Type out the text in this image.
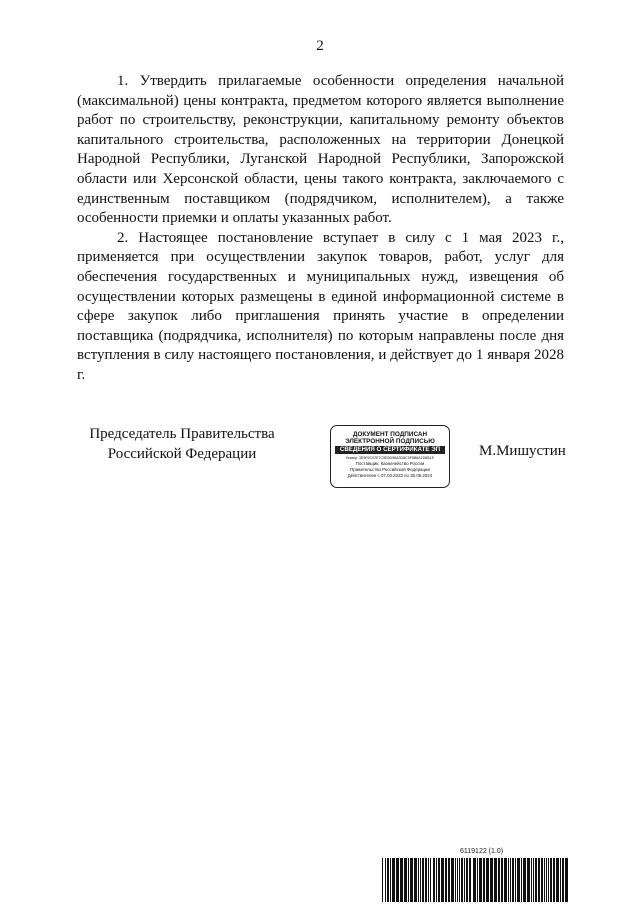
2

1. Утвердить прилагаемые особенности определения начальной (максимальной) цены контракта, предметом которого является выполнение работ по строительству, реконструкции, капитальному ремонту объектов капитального строительства, расположенных на территории Донецкой Народной Республики, Луганской Народной Республики, Запорожской области или Херсонской области, цены такого контракта, заключаемого с единственным поставщиком (подрядчиком, исполнителем), а также особенности приемки и оплаты указанных работ.

2. Настоящее постановление вступает в силу с 1 мая 2023 г., применяется при осуществлении закупок товаров, работ, услуг для обеспечения государственных и муниципальных нужд, извещения об осуществлении которых размещены в единой информационной системе в сфере закупок либо приглашения принять участие в определении поставщика (подрядчика, исполнителя) по которым направлены после дня вступления в силу настоящего постановления, и действует до 1 января 2028 г.

Председатель Правительства
Российской Федерации
ДОКУМЕНТ ПОДПИСАН
ЭЛЕКТРОННОЙ ПОДПИСЬЮ
СВЕДЕНИЯ О СЕРТИФИКАТЕ ЭП
Номер: 3E9F9C07E7C5E9D98A3D8C9F5B8A1D6B1E
Поставщик: Казначейство России
Правительство Российской Федерации
Действителен с 07.03.2023 по 30.05.2024
М.Мишустин
6119122 (1.0)
